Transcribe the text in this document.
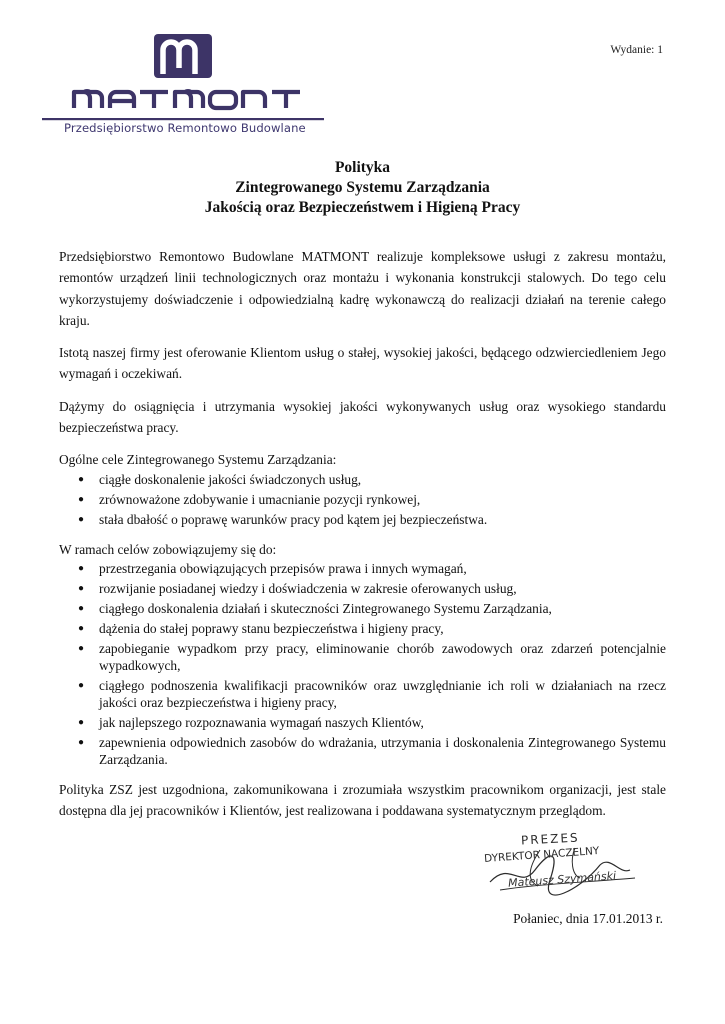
Wydanie: 1
MATMONT
Przedsiębiorstwo Remontowo Budowlane
Polityka
Zintegrowanego Systemu Zarządzania
Jakością oraz Bezpieczeństwem i Higieną Pracy

Przedsiębiorstwo Remontowo Budowlane MATMONT realizuje kompleksowe usługi z zakresu montażu, remontów urządzeń linii technologicznych oraz montażu i wykonania konstrukcji stalowych. Do tego celu wykorzystujemy doświadczenie i odpowiedzialną kadrę wykonawczą do realizacji działań na terenie całego kraju.

Istotą naszej firmy jest oferowanie Klientom usług o stałej, wysokiej jakości, będącego odzwierciedleniem Jego wymagań i oczekiwań.

Dążymy do osiągnięcia i utrzymania wysokiej jakości wykonywanych usług oraz wysokiego standardu bezpieczeństwa pracy.

Ogólne cele Zintegrowanego Systemu Zarządzania:

● ciągłe doskonalenie jakości świadczonych usług,
● zrównoważone zdobywanie i umacnianie pozycji rynkowej,
● stała dbałość o poprawę warunków pracy pod kątem jej bezpieczeństwa.

W ramach celów zobowiązujemy się do:

● przestrzegania obowiązujących przepisów prawa i innych wymagań,
● rozwijanie posiadanej wiedzy i doświadczenia w zakresie oferowanych usług,
● ciągłego doskonalenia działań i skuteczności Zintegrowanego Systemu Zarządzania,
● dążenia do stałej poprawy stanu bezpieczeństwa i higieny pracy,
● zapobieganie wypadkom przy pracy, eliminowanie chorób zawodowych oraz zdarzeń potencjalnie wypadkowych,
● ciągłego podnoszenia kwalifikacji pracowników oraz uwzględnianie ich roli w działaniach na rzecz jakości oraz bezpieczeństwa i higieny pracy,
● jak najlepszego rozpoznawania wymagań naszych Klientów,
● zapewnienia odpowiednich zasobów do wdrażania, utrzymania i doskonalenia Zintegrowanego Systemu Zarządzania.

Polityka ZSZ jest uzgodniona, zakomunikowana i zrozumiała wszystkim pracownikom organizacji, jest stale dostępna dla jej pracowników i Klientów, jest realizowana i poddawana systematycznym przeglądom.

PREZES
DYREKTOR NACZELNY
Mateusz Szymański
Połaniec, dnia 17.01.2013 r.
